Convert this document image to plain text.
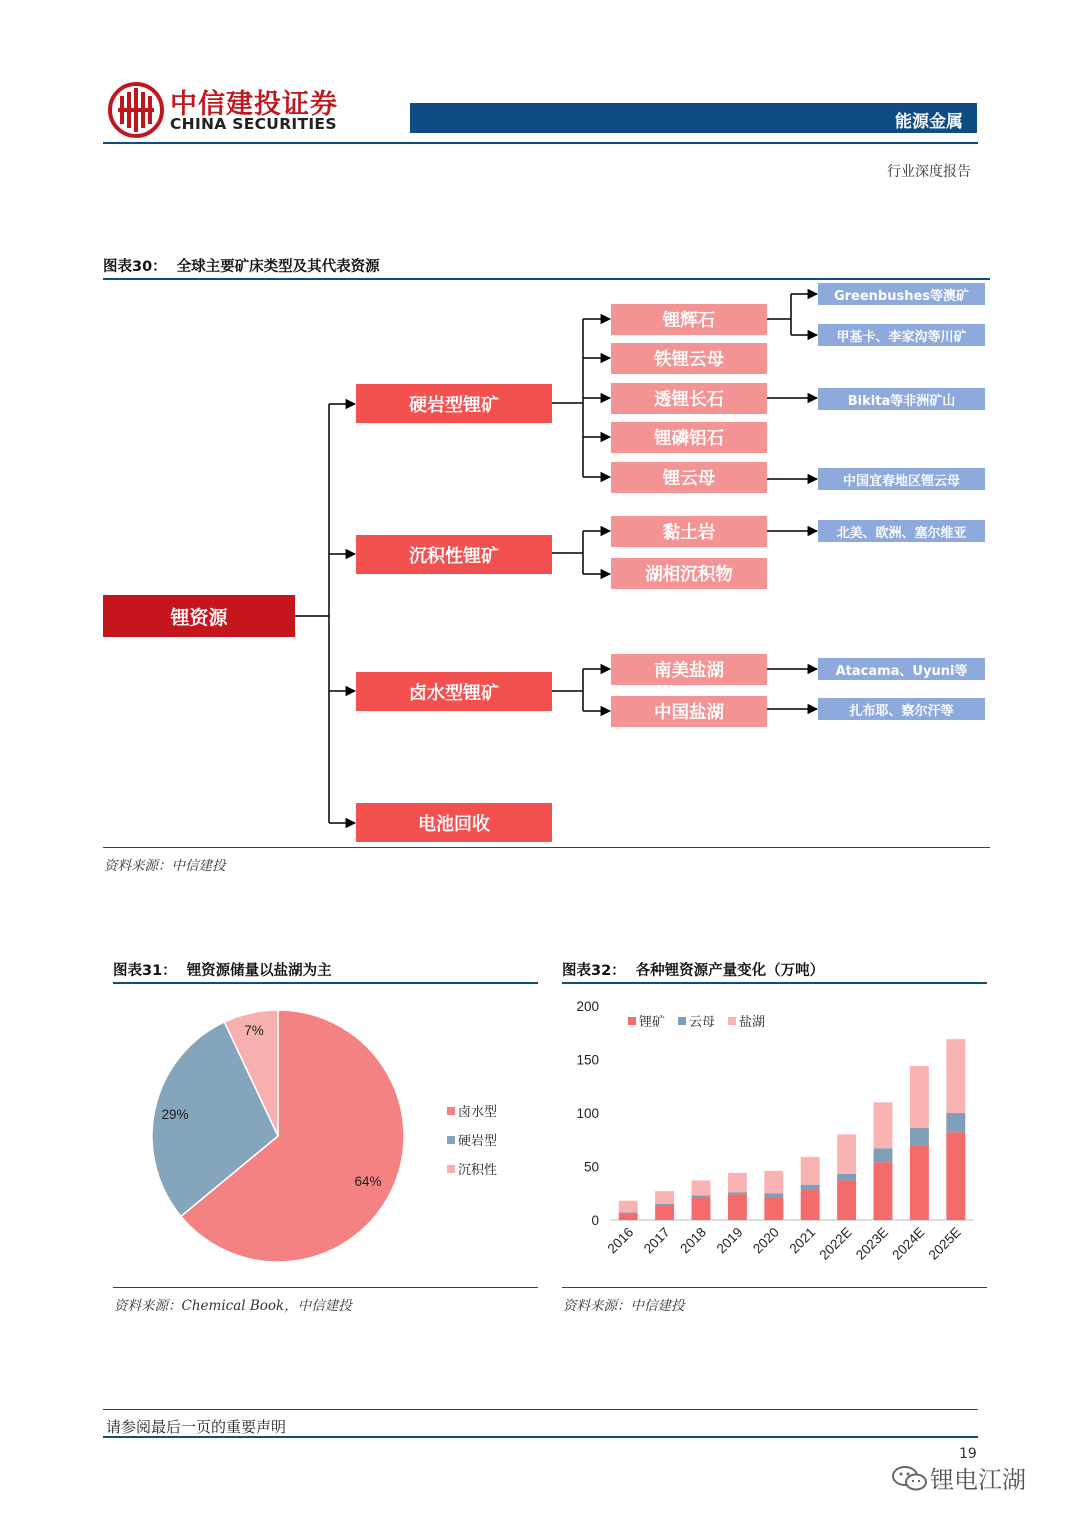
中信建投证券
CHINA SECURITIES	能源金属
行业深度报告
图表30： 全球主要矿床类型及其代表资源
锂资源
硬岩型锂矿
沉积性锂矿
卤水型锂矿
电池回收
锂辉石
铁锂云母
透锂长石
锂磷铝石
锂云母
黏土岩
湖相沉积物
南美盐湖
中国盐湖
Greenbushes等澳矿
甲基卡、李家沟等川矿
Bikita等非洲矿山
中国宜春地区锂云母
北美、欧洲、塞尔维亚
Atacama、Uyuni等
扎布耶、察尔汗等
资料来源：中信建投
图表31： 锂资源储量以盐湖为主
64%
29%
7%
卤水型
硬岩型
沉积性
资料来源：Chemical Book，中信建投
图表32： 各种锂资源产量变化（万吨）
0
50
100
150
200
2016 2017 2018 2019 2020 2021
2022E
2023E
2024E
2025E
锂矿 云母 盐湖
资料来源：中信建投
请参阅最后一页的重要声明
19
锂电江湖
